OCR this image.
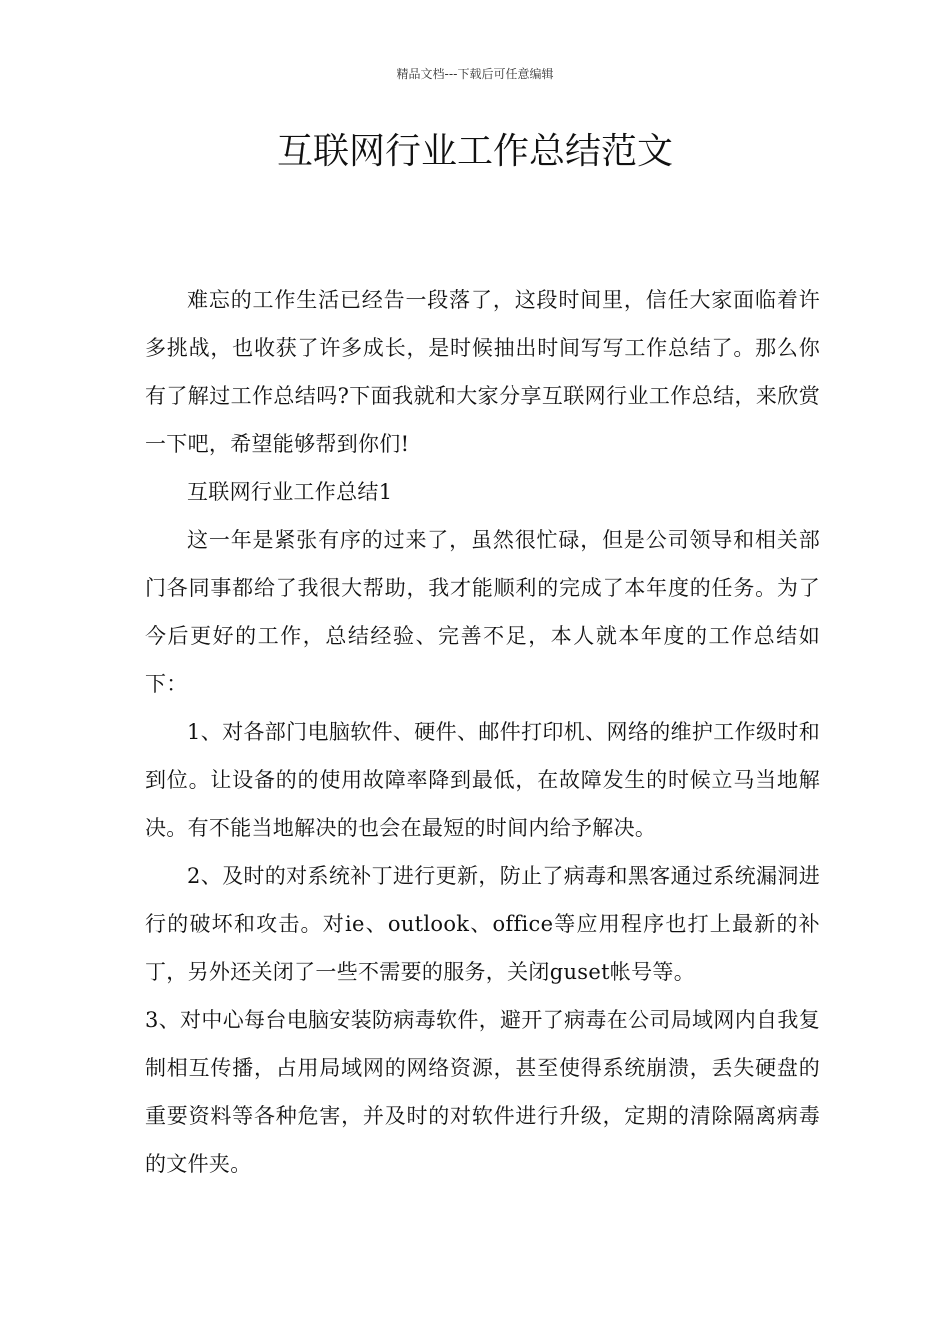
精品文档---下载后可任意编辑
互联网行业工作总结范文

难忘的工作生活已经告一段落了，这段时间里，信任大家面临着许多挑战，也收获了许多成长，是时候抽出时间写写工作总结了。那么你有了解过工作总结吗?下面我就和大家分享互联网行业工作总结，来欣赏一下吧，希望能够帮到你们!

互联网行业工作总结1

这一年是紧张有序的过来了，虽然很忙碌，但是公司领导和相关部门各同事都给了我很大帮助，我才能顺利的完成了本年度的任务。为了今后更好的工作，总结经验、完善不足，本人就本年度的工作总结如下：

1、对各部门电脑软件、硬件、邮件打印机、网络的维护工作级时和到位。让设备的的使用故障率降到最低，在故障发生的时候立马当地解决。有不能当地解决的也会在最短的时间内给予解决。

2、及时的对系统补丁进行更新，防止了病毒和黑客通过系统漏洞进行的破坏和攻击。对ie、outlook、office等应用程序也打上最新的补丁，另外还关闭了一些不需要的服务，关闭guset帐号等。

3、对中心每台电脑安装防病毒软件，避开了病毒在公司局域网内自我复制相互传播，占用局域网的网络资源，甚至使得系统崩溃，丢失硬盘的重要资料等各种危害，并及时的对软件进行升级，定期的清除隔离病毒的文件夹。
